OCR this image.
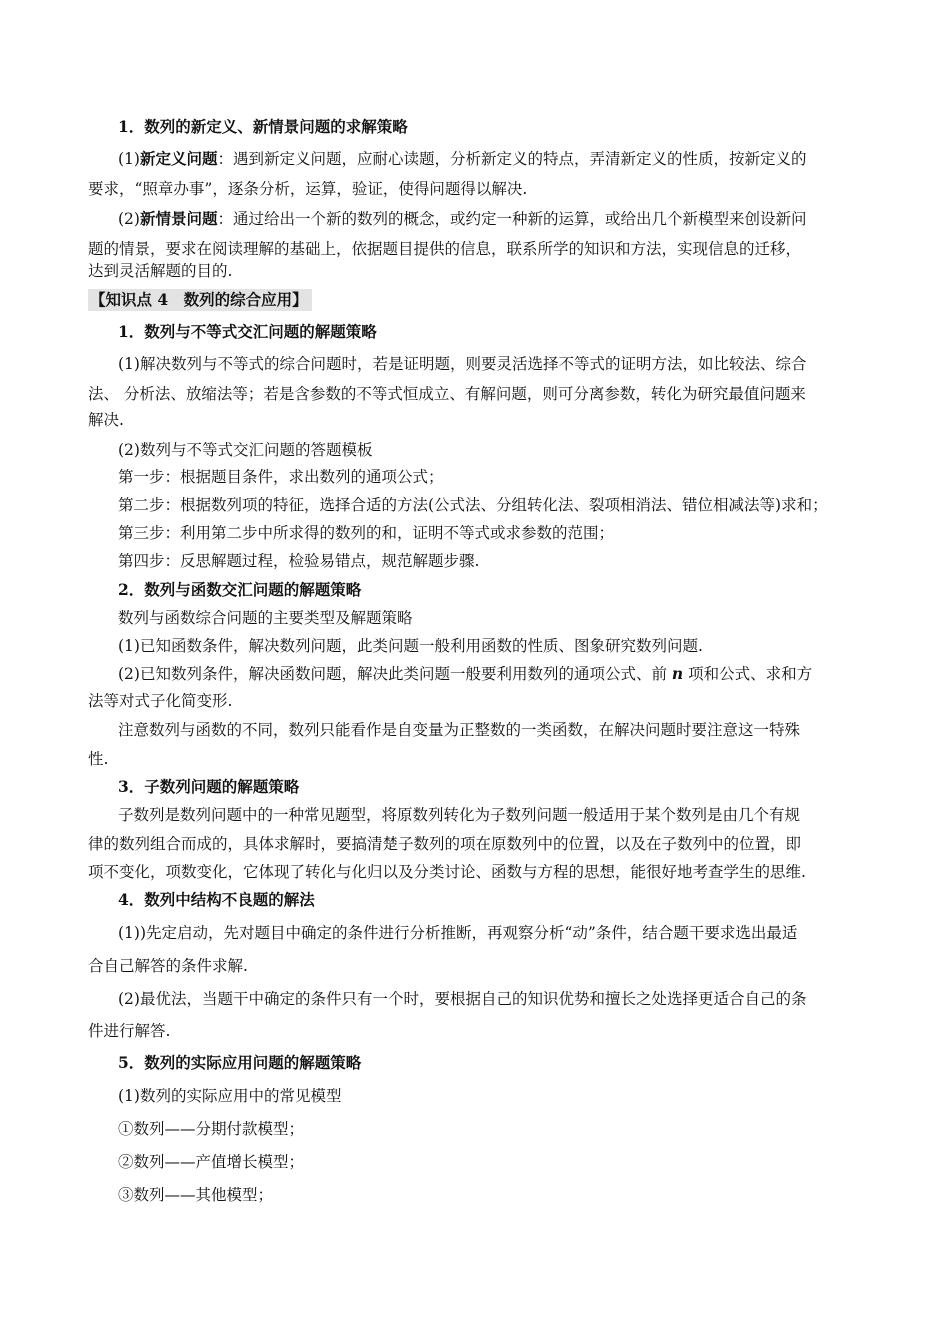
1．数列的新定义、新情景问题的求解策略
(1)新定义问题：遇到新定义问题，应耐心读题，分析新定义的特点，弄清新定义的性质，按新定义的
要求，“照章办事”，逐条分析，运算，验证，使得问题得以解决.
(2)新情景问题：通过给出一个新的数列的概念，或约定一种新的运算，或给出几个新模型来创设新问
题的情景，要求在阅读理解的基础上，依据题目提供的信息，联系所学的知识和方法，实现信息的迁移，
达到灵活解题的目的.
【知识点 4　数列的综合应用】
1．数列与不等式交汇问题的解题策略
(1)解决数列与不等式的综合问题时，若是证明题，则要灵活选择不等式的证明方法，如比较法、综合
法、 分析法、放缩法等；若是含参数的不等式恒成立、有解问题，则可分离参数，转化为研究最值问题来
解决.
(2)数列与不等式交汇问题的答题模板
第一步：根据题目条件，求出数列的通项公式；
第二步：根据数列项的特征，选择合适的方法(公式法、分组转化法、裂项相消法、错位相减法等)求和；
第三步：利用第二步中所求得的数列的和，证明不等式或求参数的范围；
第四步：反思解题过程，检验易错点，规范解题步骤.
2．数列与函数交汇问题的解题策略
数列与函数综合问题的主要类型及解题策略
(1)已知函数条件，解决数列问题，此类问题一般利用函数的性质、图象研究数列问题.
(2)已知数列条件，解决函数问题，解决此类问题一般要利用数列的通项公式、前 n 项和公式、求和方
法等对式子化简变形.
注意数列与函数的不同，数列只能看作是自变量为正整数的一类函数，在解决问题时要注意这一特殊
性.
3．子数列问题的解题策略
子数列是数列问题中的一种常见题型，将原数列转化为子数列问题一般适用于某个数列是由几个有规
律的数列组合而成的，具体求解时，要搞清楚子数列的项在原数列中的位置，以及在子数列中的位置，即
项不变化，项数变化，它体现了转化与化归以及分类讨论、函数与方程的思想，能很好地考查学生的思维.
4．数列中结构不良题的解法
(1))先定启动，先对题目中确定的条件进行分析推断，再观察分析“动”条件，结合题干要求选出最适
合自己解答的条件求解.
(2)最优法，当题干中确定的条件只有一个时，要根据自己的知识优势和擅长之处选择更适合自己的条
件进行解答.
5．数列的实际应用问题的解题策略
(1)数列的实际应用中的常见模型
①数列——分期付款模型；
②数列——产值增长模型；
③数列——其他模型；
